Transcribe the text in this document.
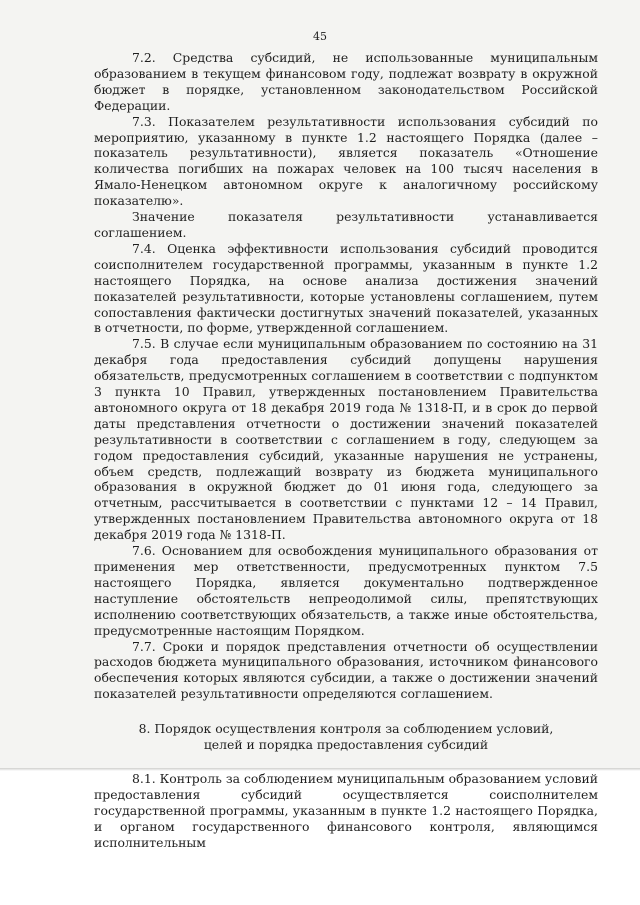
45

7.2. Средства субсидий, не использованные муниципальным образованием в текущем финансовом году, подлежат возврату в окружной бюджет в порядке, установленном законодательством Российской Федерации.

7.3. Показателем результативности использования субсидий по мероприятию, указанному в пункте 1.2 настоящего Порядка (далее – показатель результативности), является показатель «Отношение количества погибших на пожарах человек на 100 тысяч населения в Ямало-Ненецком автономном округе к аналогичному российскому показателю».

Значение показателя результативности устанавливается соглашением.

7.4. Оценка эффективности использования субсидий проводится соисполнителем государственной программы, указанным в пункте 1.2 настоящего Порядка, на основе анализа достижения значений показателей результативности, которые установлены соглашением, путем сопоставления фактически достигнутых значений показателей, указанных в отчетности, по форме, утвержденной соглашением.

7.5. В случае если муниципальным образованием по состоянию на 31 декабря года предоставления субсидий допущены нарушения обязательств, предусмотренных соглашением в соответствии с подпунктом 3 пункта 10 Правил, утвержденных постановлением Правительства автономного округа от 18 декабря 2019 года № 1318-П, и в срок до первой даты представления отчетности о достижении значений показателей результативности в соответствии с соглашением в году, следующем за годом предоставления субсидий, указанные нарушения не устранены, объем средств, подлежащий возврату из бюджета муниципального образования в окружной бюджет до 01 июня года, следующего за отчетным, рассчитывается в соответствии с пунктами 12 – 14 Правил, утвержденных постановлением Правительства автономного округа от 18 декабря 2019 года № 1318-П.

7.6. Основанием для освобождения муниципального образования от применения мер ответственности, предусмотренных пунктом 7.5 настоящего Порядка, является документально подтвержденное наступление обстоятельств непреодолимой силы, препятствующих исполнению соответствующих обязательств, а также иные обстоятельства, предусмотренные настоящим Порядком.

7.7. Сроки и порядок представления отчетности об осуществлении расходов бюджета муниципального образования, источником финансового обеспечения которых являются субсидии, а также о достижении значений показателей результативности определяются соглашением.

8. Порядок осуществления контроля за соблюдением условий,
целей и порядка предоставления субсидий

8.1. Контроль за соблюдением муниципальным образованием условий предоставления субсидий осуществляется соисполнителем государственной программы, указанным в пункте 1.2 настоящего Порядка, и органом государственного финансового контроля, являющимся исполнительным
